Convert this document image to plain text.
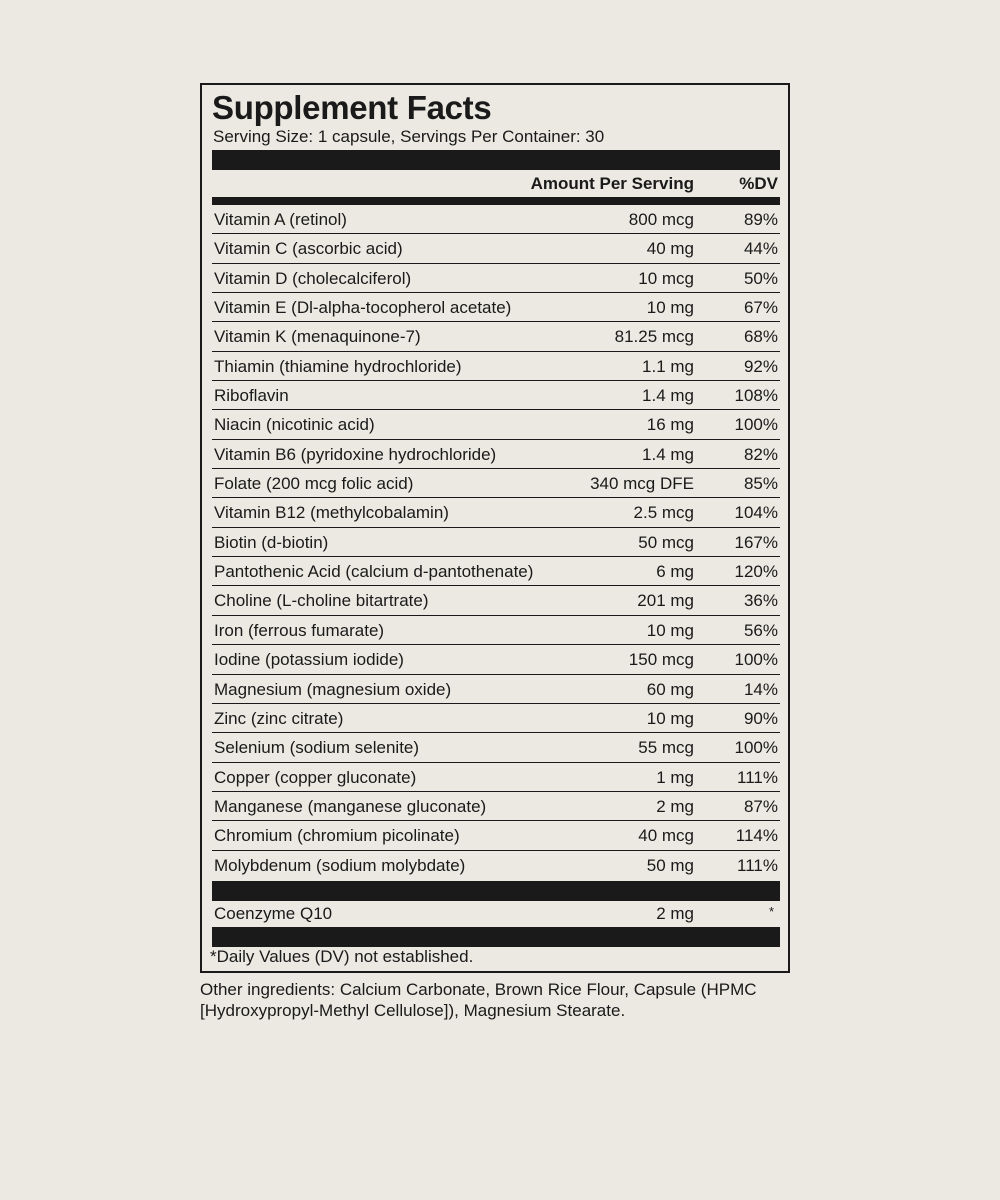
Supplement Facts
Serving Size: 1 capsule, Servings Per Container: 30
Amount Per Serving	%DV
Vitamin A (retinol)	800 mcg	89%
Vitamin C (ascorbic acid)	40 mg	44%
Vitamin D (cholecalciferol)	10 mcg	50%
Vitamin E (Dl-alpha-tocopherol acetate)	10 mg	67%
Vitamin K (menaquinone-7)	81.25 mcg	68%
Thiamin (thiamine hydrochloride)	1.1 mg	92%
Riboflavin	1.4 mg 108%
Niacin (nicotinic acid)	16 mg 100%
Vitamin B6 (pyridoxine hydrochloride)	1.4 mg	82%
Folate (200 mcg folic acid)	340 mcg DFE	85%
Vitamin B12 (methylcobalamin)	2.5 mcg 104%
Biotin (d-biotin)	50 mcg 167%
Pantothenic Acid (calcium d-pantothenate)	6 mg 120%
Choline (L-choline bitartrate)	201 mg	36%
Iron (ferrous fumarate)	10 mg	56%
Iodine (potassium iodide)	150 mcg 100%
Magnesium (magnesium oxide)	60 mg	14%
Zinc (zinc citrate)	10 mg	90%
Selenium (sodium selenite)	55 mcg 100%
Copper (copper gluconate)	1 mg	111%
Manganese (manganese gluconate)	2 mg	87%
Chromium (chromium picolinate)	40 mcg 114%
Molybdenum (sodium molybdate)	50 mg	111%
Coenzyme Q10	2 mg	*
*Daily Values (DV) not established.
Other ingredients: Calcium Carbonate, Brown Rice Flour, Capsule (HPMC [Hydroxypropyl-Methyl Cellulose]), Magnesium Stearate.
